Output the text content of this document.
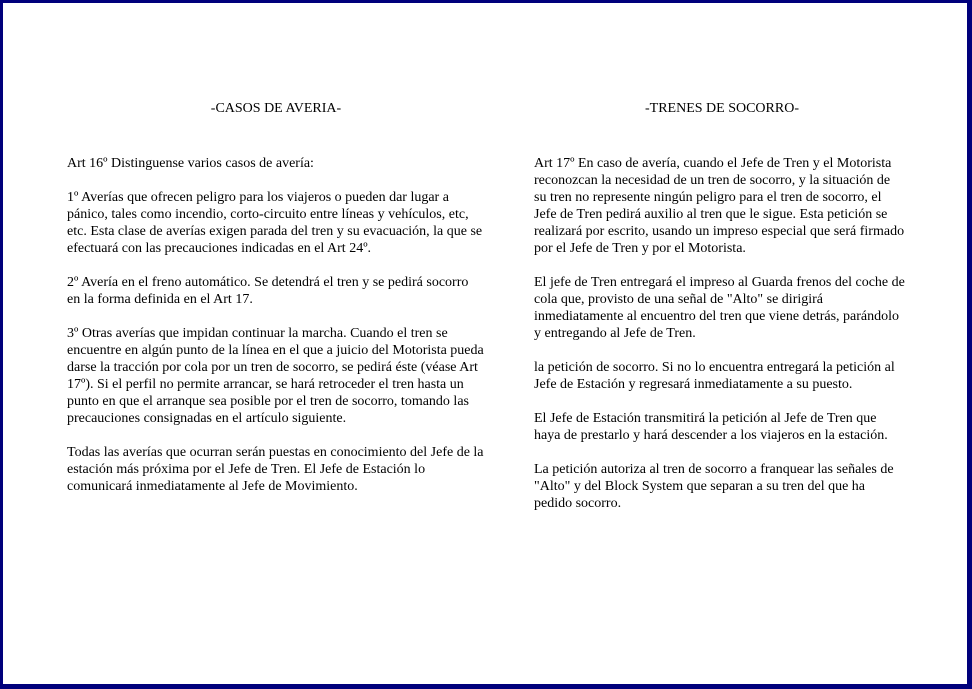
-CASOS DE AVERIA-

Art 16º Distinguense varios casos de avería:

1º Averías que ofrecen peligro para los viajeros o pueden dar lugar a pánico, tales como incendio, corto-circuito entre líneas y vehículos, etc, etc. Esta clase de averías exigen parada del tren y su evacuación, la que se efectuará con las precauciones indicadas en el Art 24º.

2º Avería en el freno automático. Se detendrá el tren y se pedirá socorro en la forma definida en el Art 17.

3º Otras averías que impidan continuar la marcha. Cuando el tren se encuentre en algún punto de la línea en el que a juicio del Motorista pueda darse la tracción por cola por un tren de socorro, se pedirá éste (véase Art 17º). Si el perfil no permite arrancar, se hará retroceder el tren hasta un punto en que el arranque sea posible por el tren de socorro, tomando las precauciones consignadas en el artículo siguiente.

Todas las averías que ocurran serán puestas en conocimiento del Jefe de la estación más próxima por el Jefe de Tren. El Jefe de Estación lo comunicará inmediatamente al Jefe de Movimiento.

-TRENES DE SOCORRO-

Art 17º En caso de avería, cuando el Jefe de Tren y el Motorista reconozcan la necesidad de un tren de socorro, y la situación de su tren no represente ningún peligro para el tren de socorro, el Jefe de Tren pedirá auxilio al tren que le sigue. Esta petición se realizará por escrito, usando un impreso especial que será firmado por el Jefe de Tren y por el Motorista.

El jefe de Tren entregará el impreso al Guarda frenos del coche de cola que, provisto de una señal de "Alto" se dirigirá inmediatamente al encuentro del tren que viene detrás, parándolo y entregando al Jefe de Tren.

la petición de socorro. Si no lo encuentra entregará la petición al Jefe de Estación y regresará inmediatamente a su puesto.

El Jefe de Estación transmitirá la petición al Jefe de Tren que haya de prestarlo y hará descender a los viajeros en la estación.

La petición autoriza al tren de socorro a franquear las señales de "Alto" y del Block System que separan a su tren del que ha pedido socorro.
